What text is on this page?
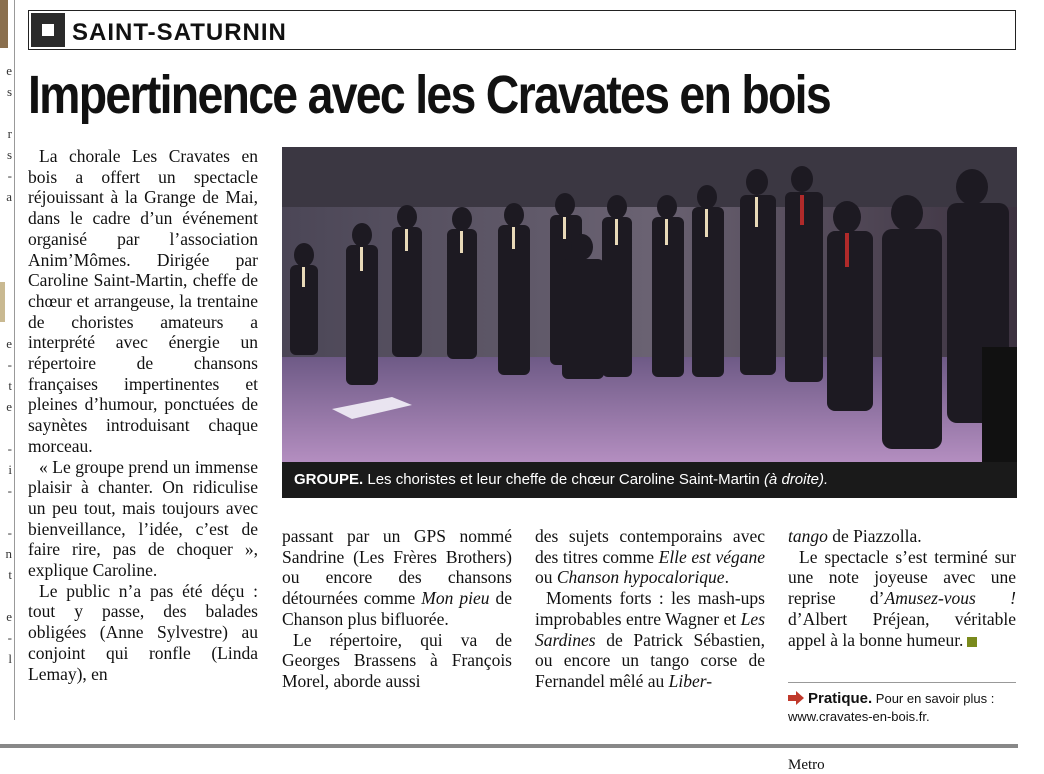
e
s
r
s
-
a
e
-
t
e
-
i
-
-
n
t
e
-
l
SAINT-SATURNIN
Impertinence avec les Cravates en bois

La chorale Les Cravates en bois a offert un spectacle réjouissant à la Grange de Mai, dans le cadre d’un événement organisé par l’association Anim’Mômes. Dirigée par Caroline Saint-Martin, cheffe de chœur et arrangeuse, la trentaine de choristes amateurs a interprété avec énergie un répertoire de chansons françaises impertinentes et pleines d’humour, ponctuées de saynètes introduisant chaque morceau.

« Le groupe prend un immense plaisir à chanter. On ridiculise un peu tout, mais toujours avec bienveillance, l’idée, c’est de faire rire, pas de choquer », explique Caroline.

Le public n’a pas été déçu : tout y passe, des balades obligées (Anne Sylvestre) au conjoint qui ronfle (Linda Lemay), en

GROUPE. Les choristes et leur cheffe de chœur Caroline Saint-Martin (à droite).

passant par un GPS nommé Sandrine (Les Frères Brothers) ou encore des chansons détournées comme Mon pieu de Chanson plus bifluorée.

Le répertoire, qui va de Georges Brassens à François Morel, aborde aussi

des sujets contemporains avec des titres comme Elle est végane ou Chanson hypocalorique.

Moments forts : les mash-ups improbables entre Wagner et Les Sardines de Patrick Sébastien, ou encore un tango corse de Fernandel mêlé au Liber-

tango de Piazzolla.

Le spectacle s’est terminé sur une note joyeuse avec une reprise d’Amusez-vous ! d’Albert Préjean, véritable appel à la bonne humeur.

Pratique. Pour en savoir plus : www.cravates-en-bois.fr.
Metro
